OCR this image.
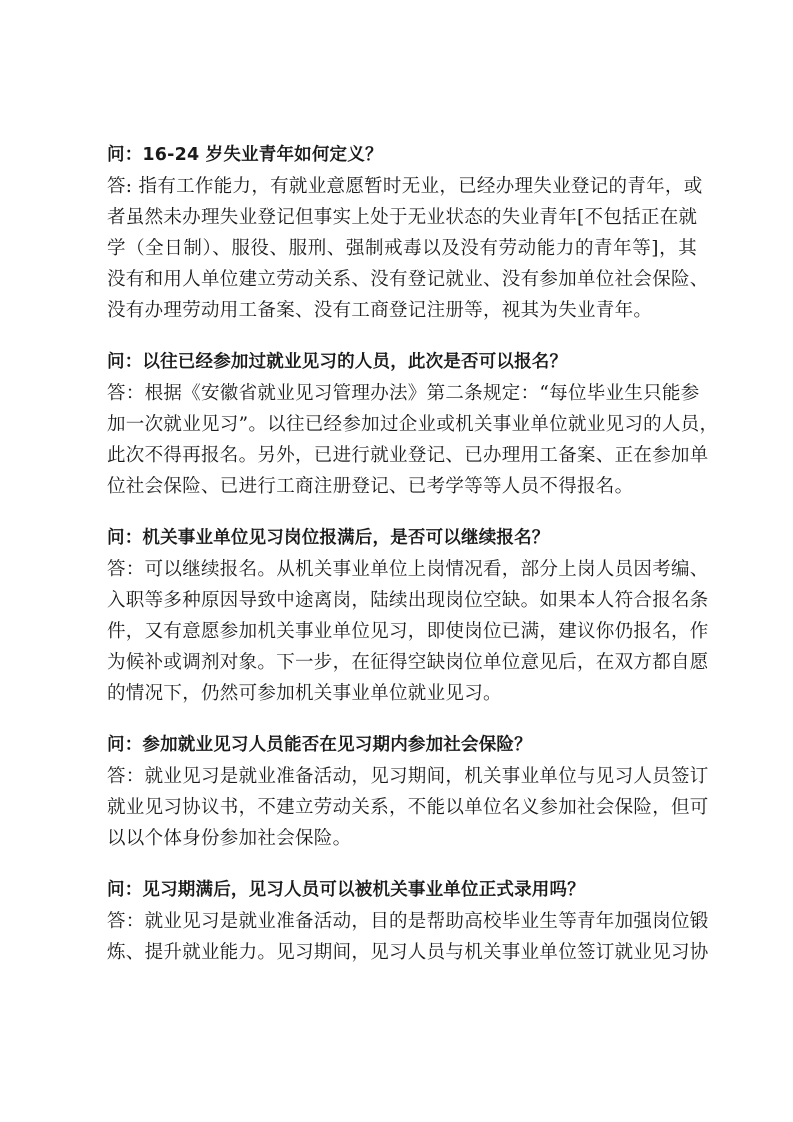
问：16-24 岁失业青年如何定义？

答: 指有工作能力，有就业意愿暂时无业，已经办理失业登记的青年，或
者虽然未办理失业登记但事实上处于无业状态的失业青年[不包括正在就
学（全日制）、服役、服刑、强制戒毒以及没有劳动能力的青年等]，其
没有和用人单位建立劳动关系、没有登记就业、没有参加单位社会保险、
没有办理劳动用工备案、没有工商登记注册等，视其为失业青年。

问：以往已经参加过就业见习的人员，此次是否可以报名？

答：根据《安徽省就业见习管理办法》第二条规定：“每位毕业生只能参
加一次就业见习”。以往已经参加过企业或机关事业单位就业见习的人员，
此次不得再报名。另外，已进行就业登记、已办理用工备案、正在参加单
位社会保险、已进行工商注册登记、已考学等等人员不得报名。

问：机关事业单位见习岗位报满后，是否可以继续报名？

答：可以继续报名。从机关事业单位上岗情况看，部分上岗人员因考编、
入职等多种原因导致中途离岗，陆续出现岗位空缺。如果本人符合报名条
件，又有意愿参加机关事业单位见习，即使岗位已满，建议你仍报名，作
为候补或调剂对象。下一步，在征得空缺岗位单位意见后，在双方都自愿
的情况下，仍然可参加机关事业单位就业见习。

问：参加就业见习人员能否在见习期内参加社会保险？

答：就业见习是就业准备活动，见习期间，机关事业单位与见习人员签订
就业见习协议书，不建立劳动关系，不能以单位名义参加社会保险，但可
以以个体身份参加社会保险。

问：见习期满后，见习人员可以被机关事业单位正式录用吗？

答：就业见习是就业准备活动，目的是帮助高校毕业生等青年加强岗位锻
炼、提升就业能力。见习期间，见习人员与机关事业单位签订就业见习协
